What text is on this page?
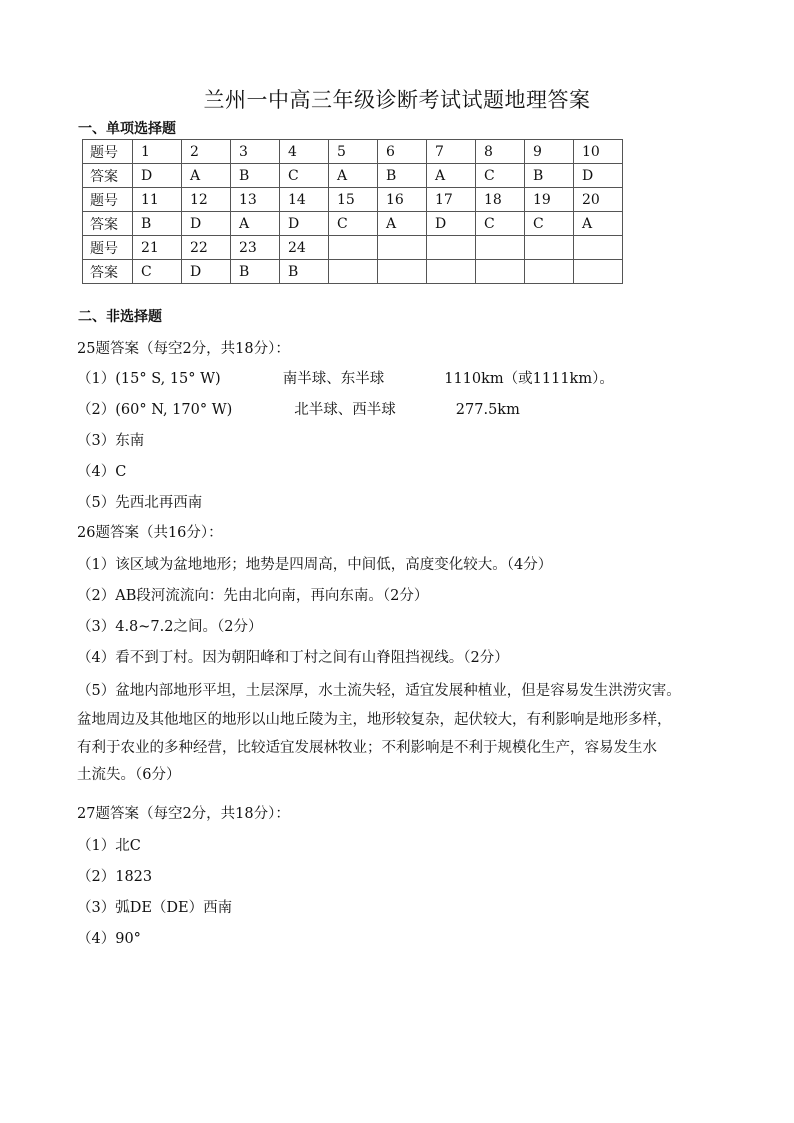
兰州一中高三年级诊断考试试题地理答案
一、单项选择题
题号	1	2	3	4	5	6	7	8	9	10
答案	D	A	B	C	A	B	A	C	B	D
题号	11	12	13	14	15	16	17	18	19	20
答案	B	D	A	D	C	A	D	C	C	A
题号	21	22	23	24						
答案	C	D	B	B						
二、非选择题
25题答案（每空2分，共18分）：
（1）(15° S, 15° W)	南半球、东半球	1110km（或1111km）。
（2）(60° N, 170° W)	北半球、西半球	277.5km
（3）东南
（4）C
（5）先西北再西南
26题答案（共16分）：
（1）该区域为盆地地形；地势是四周高，中间低，高度变化较大。（4分）
（2）AB段河流流向：先由北向南，再向东南。（2分）
（3）4.8~7.2之间。（2分）
（4）看不到丁村。因为朝阳峰和丁村之间有山脊阻挡视线。（2分）
（5）盆地内部地形平坦，土层深厚，水土流失轻，适宜发展种植业，但是容易发生洪涝灾害。
盆地周边及其他地区的地形以山地丘陵为主，地形较复杂，起伏较大，有利影响是地形多样，
有利于农业的多种经营，比较适宜发展林牧业；不利影响是不利于规模化生产，容易发生水
土流失。（6分）
27题答案（每空2分，共18分）：
（1）北C
（2）1823
（3）弧DE（DE）西南
（4）90°
